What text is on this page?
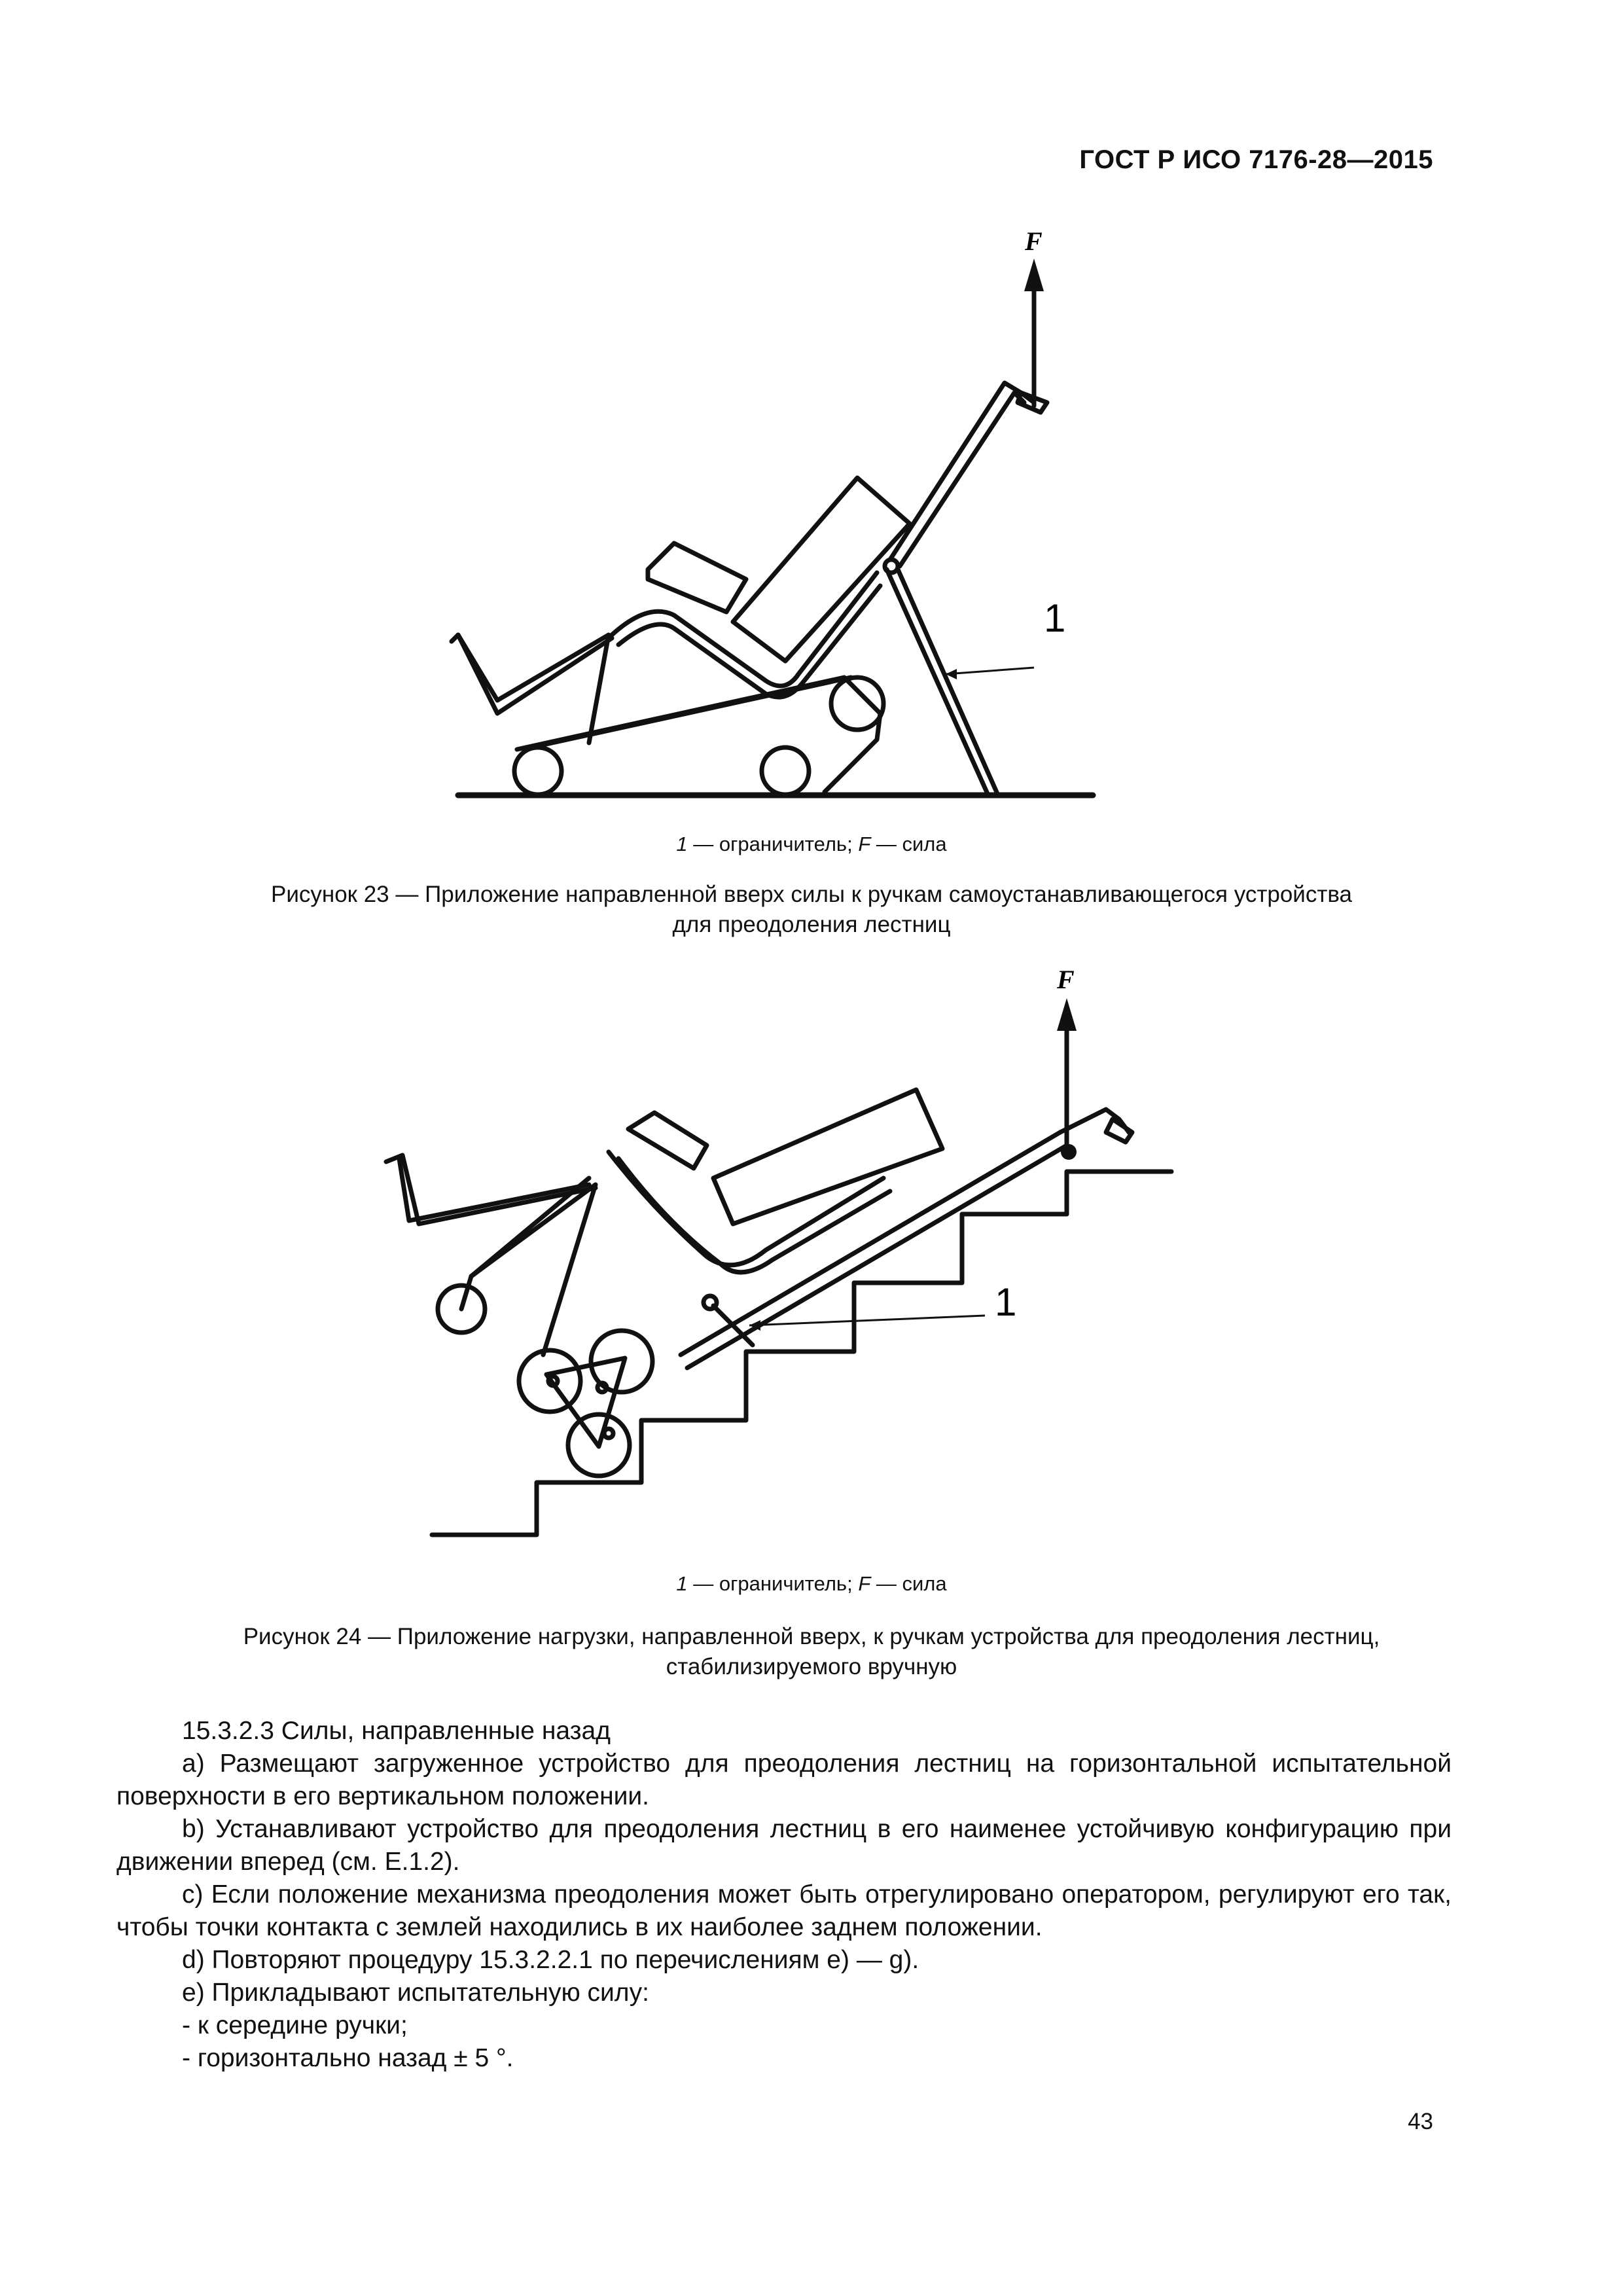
ГОСТ Р ИСО 7176-28—2015
F
1
1 — ограничитель; F — сила
Рисунок 23 — Приложение направленной вверх силы к ручкам самоустанавливающегося устройства
для преодоления лестниц
F
1
1 — ограничитель; F — сила
Рисунок 24 — Приложение нагрузки, направленной вверх, к ручкам устройства для преодоления лестниц,
стабилизируемого вручную

15.3.2.3 Силы, направленные назад

а) Размещают загруженное устройство для преодоления лестниц на горизонтальной испытательной поверхности в его вертикальном положении.

b) Устанавливают устройство для преодоления лестниц в его наименее устойчивую конфигурацию при движении вперед (см. Е.1.2).

c) Если положение механизма преодоления может быть отрегулировано оператором, регулируют его так, чтобы точки контакта с землей находились в их наиболее заднем положении.

d) Повторяют процедуру 15.3.2.2.1 по перечислениям е) — g).

e) Прикладывают испытательную силу:

- к середине ручки;

- горизонтально назад ± 5 °.

43
